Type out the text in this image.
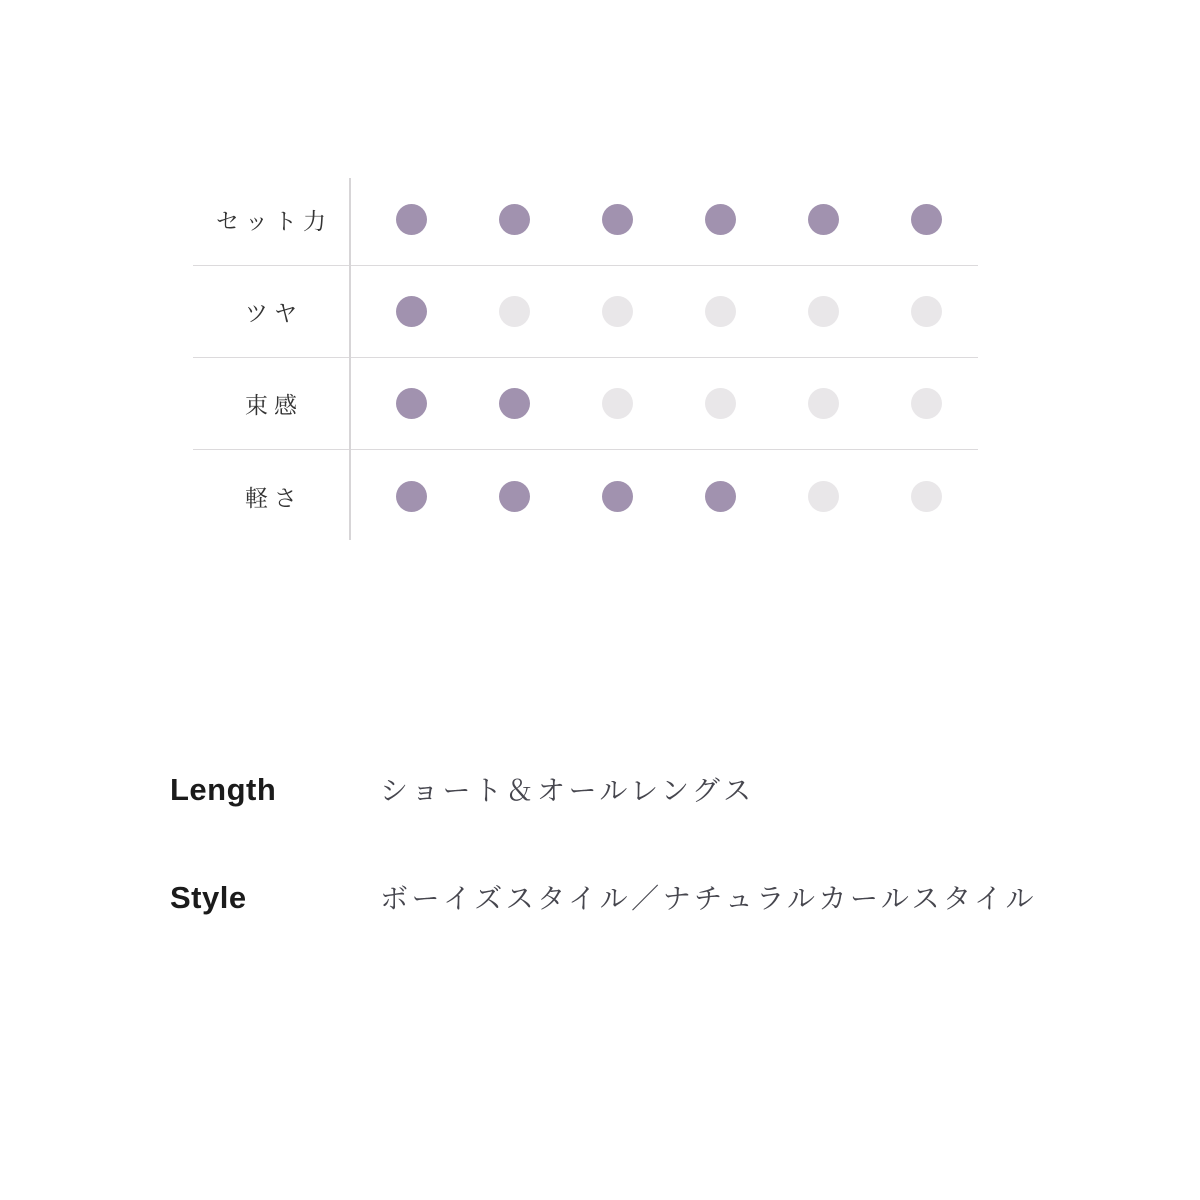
セット力
ツヤ
束感
軽さ
Length	ショート＆オールレングス
Style	ボーイズスタイル／ナチュラルカールスタイル
